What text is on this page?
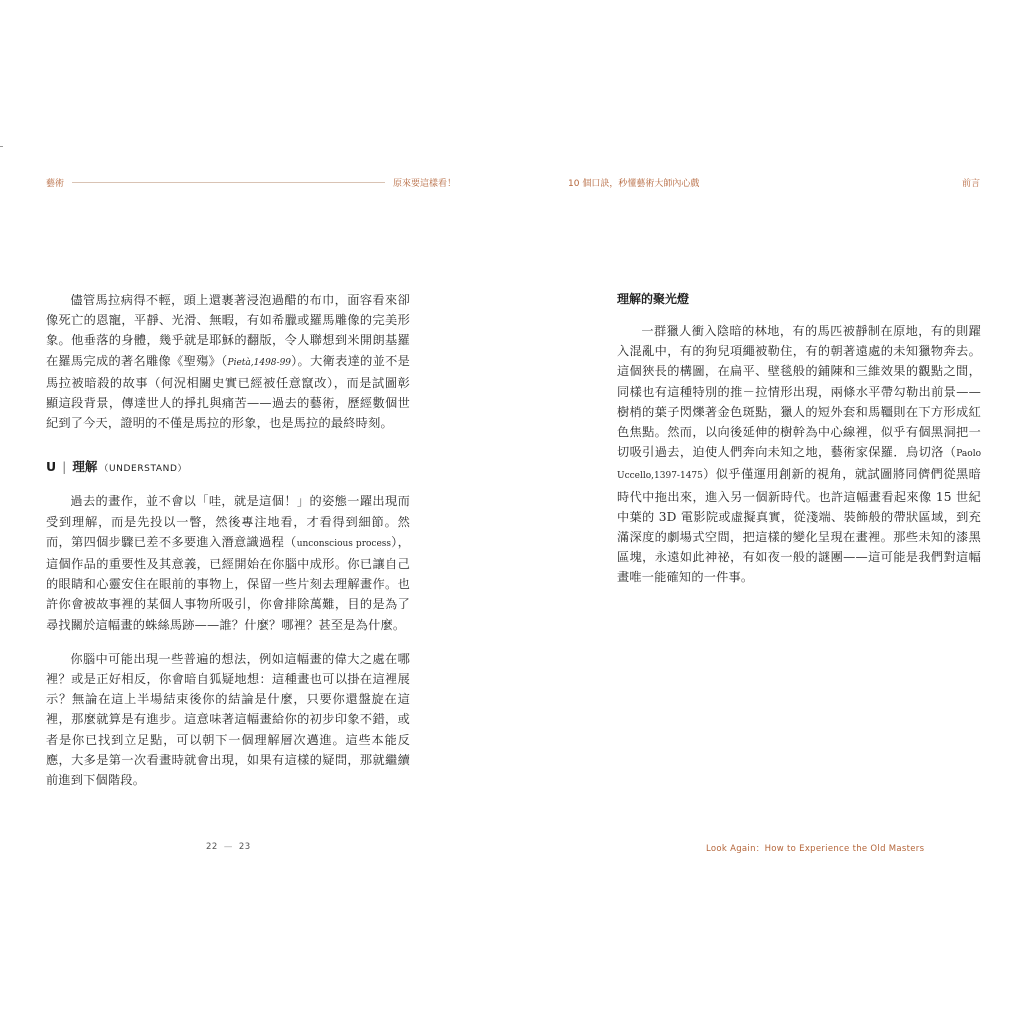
藝術	原來要這樣看！	10 個口訣，秒懂藝術大師內心戲	前言

儘管馬拉病得不輕，頭上還裹著浸泡過醋的布巾，面容看來卻像死亡的恩寵，平靜、光滑、無暇，有如希臘或羅馬雕像的完美形象。他垂落的身體，幾乎就是耶穌的翻版，令人聯想到米開朗基羅在羅馬完成的著名雕像《聖殤》（Pietà,1498-99）。大衛表達的並不是馬拉被暗殺的故事（何況相關史實已經被任意竄改），而是試圖彰顯這段背景，傳達世人的掙扎與痛苦——過去的藝術，歷經數個世紀到了今天，證明的不僅是馬拉的形象，也是馬拉的最終時刻。

U | 理解 （UNDERSTAND）

過去的畫作，並不會以「哇，就是這個！」的姿態一躍出現而受到理解，而是先投以一瞥，然後專注地看，才看得到細節。然而，第四個步驟已差不多要進入潛意識過程（unconscious process），這個作品的重要性及其意義，已經開始在你腦中成形。你已讓自己的眼睛和心靈安住在眼前的事物上，保留一些片刻去理解畫作。也許你會被故事裡的某個人事物所吸引，你會排除萬難，目的是為了尋找關於這幅畫的蛛絲馬跡——誰？什麼？哪裡？甚至是為什麼。

你腦中可能出現一些普遍的想法，例如這幅畫的偉大之處在哪裡？或是正好相反，你會暗自狐疑地想：這種畫也可以掛在這裡展示？無論在這上半場結束後你的結論是什麼，只要你還盤旋在這裡，那麼就算是有進步。這意味著這幅畫給你的初步印象不錯，或者是你已找到立足點，可以朝下一個理解層次邁進。這些本能反應，大多是第一次看畫時就會出現，如果有這樣的疑問，那就繼續前進到下個階段。

理解的聚光燈

一群獵人衝入陰暗的林地，有的馬匹被靜制在原地，有的則躍入混亂中，有的狗兒項繩被勒住，有的朝著遠處的未知獵物奔去。這個狹長的構圖，在扁平、壁毯般的鋪陳和三維效果的觀點之間，同樣也有這種特別的推－拉情形出現，兩條水平帶勾勒出前景——樹梢的葉子閃爍著金色斑點，獵人的短外套和馬韁則在下方形成紅色焦點。然而，以向後延伸的樹幹為中心線裡，似乎有個黑洞把一切吸引過去，迫使人們奔向未知之地，藝術家保羅．烏切洛（Paolo Uccello,1397-1475）似乎僅運用創新的視角，就試圖將同儕們從黑暗時代中拖出來，進入另一個新時代。也許這幅畫看起來像 15 世紀中葉的 3D 電影院或虛擬真實，從淺端、裝飾般的帶狀區域，到充滿深度的劇場式空間，把這樣的變化呈現在畫裡。那些未知的漆黑區塊，永遠如此神祕，有如夜一般的謎團——這可能是我們對這幅畫唯一能確知的一件事。

22 — 23	Look Again：How to Experience the Old Masters
